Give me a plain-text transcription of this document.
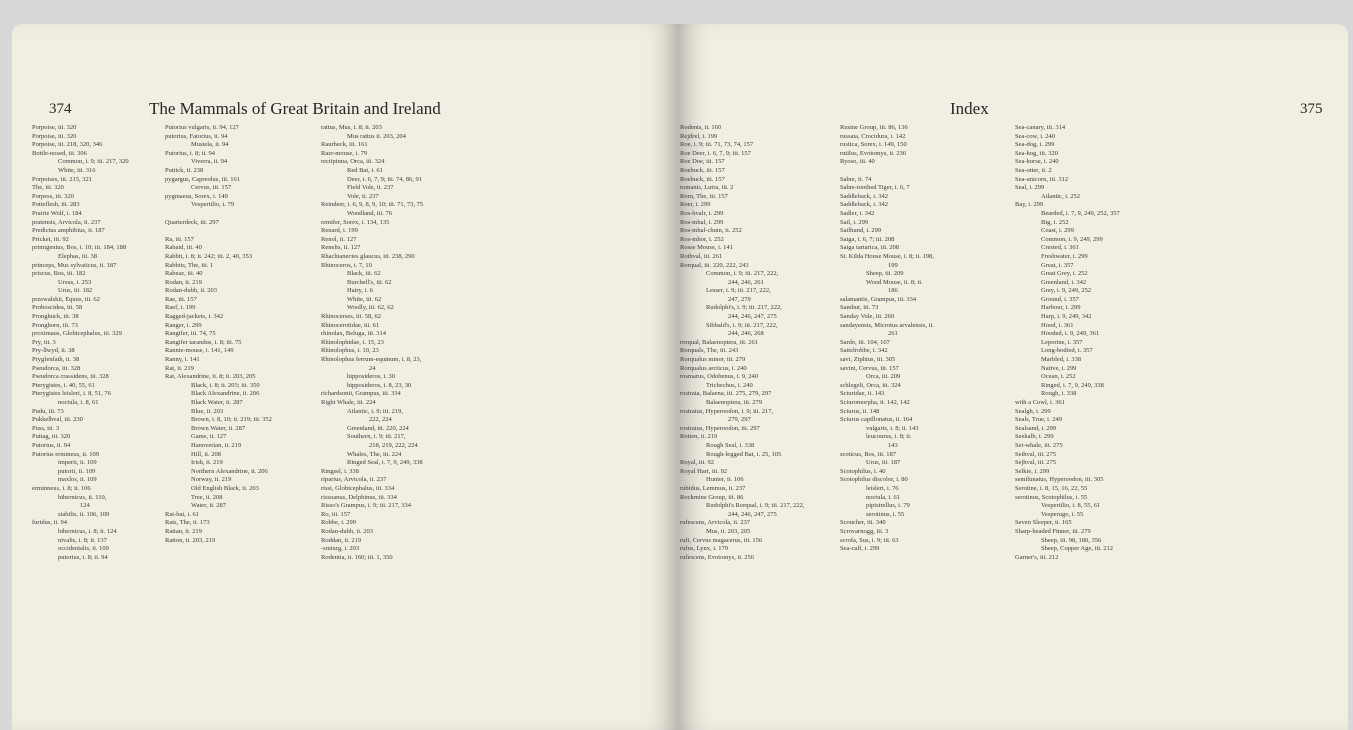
374	The Mammals of Great Britain and Ireland
Porpoise, iii. 320
Porpoise, iii. 320
Porpoise, iii. 218, 320, 346
Bottle-nosed, iii. 306
Common, i. 9; iii. 217, 320
White, iii. 316
Porpoises, iii. 215, 321
The, iii. 320
Porpess, iii. 320
Potteflesh, iii. 283
Prairie Wolf, i. 184
pratensis, Arvicola, ii. 237
Predictus amphibius, ii. 187
Pricket, iii. 92
primigenius, Bos, i. 10; iii. 184, 188
Elephas, iii. 38
princeps, Mus sylvaticus, ii. 187
priscus, Bos, iii. 182
Ursus, i. 253
Urus, iii. 182
przewalskii, Equus, iii. 62
Proboscidea, iii. 58
Pronghuck, iii. 38
Pronghorn, iii. 73
proximaus, Globicephalus, iii. 329
Pry, iii. 3
Pry-llwyd, ii. 38
Prygfenfath, ii. 38
Pseudorca, iii. 328
Pseudorca crassidens, iii. 328
Pterygistes, i. 40, 55, 61
Pterygistes leisleri, i. 8, 51, 76
noctula, i. 8, 61
Pudu, iii. 73
Pukkelhval, iii. 230
Puss, iii. 3
Puttag, iii. 320
Putorius, ii. 94
Putorius ermineus, ii. 109
imperii, ii. 109
putorii, ii. 109
maxlos, ii. 109
erminneus, i. 8; ii. 106
hibernicus, ii. 110,
124
stabilis, ii. 106, 109
furidus, ii. 94
hibernicus, i. 8; ii. 124
nivalis, i. 8; ii. 137
occidentalis, ii. 109
putorius, i. 8; ii. 94
Putorius vulgaris, ii. 94, 127
putorius, Fatorius, ii. 94
Mustela, ii. 94
Putorius, i. 8; ii. 94
Viverra, ii. 94
Puttick, ii. 238
pygargus, Capreolus, iii. 161
Cervus, iii. 157
pygmaeus, Sorex, i. 149
Vespertilio, i. 79

Quarterdeck, iii. 297

Ra, iii. 157
Rabaid, iii. 40
Rabbit, i. 8; ii. 242; iii. 2, 40, 353
Rabbits, The, iii. 1
Rabeaz, iii. 40
Rodan, ii. 219
Rodan-dubh, ii. 203
Rae, iii. 157
Raef, i. 199
Ragged-jackets, i. 342
Ranger, i. 299
Rangifer, iii. 74, 75
Rangifer tarandus, i. 8; iii. 75
Rannie-mouse, i. 141, 149
Ranny, i. 141
Rat, ii. 219
Rat, Alexandrine, ii. 8; ii. 203, 205
Black, i. 8; ii. 203; iii. 350
Black Alexandrine, ii. 206
Black Water, ii. 287
Blue, ii. 203
Brown, i. 8, 10; ii. 219; iii. 352
Brown Water, ii. 287
Game, ii. 127
Hanoverian, ii. 219
Hill, ii. 208
Irish, ii. 219
Northern Alexandrine, ii. 206
Norway, ii. 219
Old English Black, ii. 203
Tree, ii. 208
Water, ii. 287
Rat-bat, i. 61
Rats, The, ii. 173
Rattan, ii. 219
Ratton, ii. 203, 219
rattus, Mus, i. 8; ii. 203
Mus rattus ii. 203, 204
Raurheck, iii. 161
Razr-mouse, i. 79
rectipinna, Orca, iii. 324
Red Bat, i. 61
Deer, i. 6, 7, 9; iii. 74, 86, 91
Field Vole, ii. 237
Vole, ii. 237
Reindeer, i. 6, 9, 8, 9, 10; iii. 71, 73, 75
Woodland, iii. 76
remifer, Sorex, i. 134, 135
Renard, i. 199
Renol, ii. 127
Renelis, ii. 127
Rhachianectes glaucus, iii. 238, 290
Rhinoceros, i. 7, 10
Black, iii. 62
Burchell's, iii. 62
Hairy, i. 6
White, iii. 62
Woolly, iii. 62, 62
Rhinocerses, iii. 58, 62
Rhinocerotidae, iii. 61
rhinolax, Beluga, iii. 314
Rhinolophidae, i. 15, 23
Rhinolophus, i. 10, 23
Rhinolophus ferrum-equinum, i. 8, 23,
24
hipposideros, i. 30
hipposideros, i. 8, 23, 30
richardsonii, Grampus, iii. 334
Right Whale, iii. 224
Atlantic, i. 9; iii. 219,
222, 224
Greenland, iii. 220, 224
Southern, i. 9; iii. 217,
218, 219, 222, 224
Whales, The, iii. 224
Ringed Seal, i. 7, 9, 249, 338
Ringsel, i. 338
riparius, Arvicola, ii. 237
rissi, Globicephalus, iii. 334
rissoanus, Delphinus, iii. 334
Risso's Grampus, i. 9; iii. 217, 334
Ro, iii. 157
Robbe, i. 299
Rodan-dubh, ii. 203
Roddan, ii. 219
-smiurg, i. 203
Rodentia, ii. 160; iii. 1, 350
Index	375
Rodents, ii. 160
Rejdrel, i. 199
Roe, i. 9; iii. 71, 73, 74, 157
Roe Deer, i. 6, 7, 9; iii. 157
Roe Doe, iii. 157
Roebuck, iii. 157
Roebuck, iii. 157
romanis, Lutra, iii. 2
Rorn, The, iii. 157
Roer, i. 299
Ros-hvalr, i. 299
Ros-mhal, i. 299
Ros-mhal-chuin, ii. 252
Ros-mhor, i. 252
Rosse Mouse, i. 141
Rothval, iii. 261
Rorqual, iii. 220, 222, 243
Common, i. 9; iii. 217, 222,
244, 246, 261
Lesser, i. 9; iii. 217, 222,
247, 279
Rudolphi's, i. 9; iii. 217, 222,
244, 246, 247, 275
Sibbald's, i. 9; iii. 217, 222,
244, 246, 268
rorqual, Balaenoptera, iii. 261
Rorquals, The, iii. 243
Rorqualus minor, iii. 279
Rorqualus arcticus, i. 240
rosmarus, Odobenus, i. 9, 240
Trichechus, i. 240
rostrata, Balaena, iii. 275, 279, 297
Balaenoptera, iii. 279
rostratus, Hyperoodon, i. 9; iii. 217,
279, 297
rostratus, Hyperoodon, iii. 297
Rotten, ii. 219
Rough Seal, i. 338
Rough-legged Bat, i. 25, 105
Royal, iii. 92
Royal Hart, iii. 92
Hunter, ii. 106
rubidus, Lemmus, ii. 237
Rockmine Group, iii. 86
Rudolphi's Rorqual, i. 9; iii. 217, 222,
244, 246, 247, 275
rufescens, Arvicola, ii. 237
Mus, ii. 203, 205
rufi, Cervus magacerus, iii. 156
rufus, Lynx, i. 179
rufescens, Evotomys, ii. 256
Rusine Group, iii. 86, 136
russata, Crocidura, i. 142
rustica, Sorex, i. 149, 150
rutilus, Evotomys, ii. 236
Ryoso, iii. 40

Sabre, ii. 74
Sabre-toothed Tiger, i. 6, 7
Saddleback, i. 342
Saddleback, i. 342
Sadler, i. 342
Sail, i. 299
Sailhund, i. 299
Saiga, i. 6, 7; iii. 208
Saiga tartarica, iii. 208
St. Kilda House Mouse, i. 8; ii. 198,
199
Sheep, iii. 209
Wood Mouse, ii. 8; ii.
186
salamantis, Grampus, iii. 334
Sambur, iii. 73
Sanday Vole, iii. 260
sandayensis, Microtus arvalensis, ii.
261
Sardo, iii. 104, 107
Sattelrobbe, i. 342
savi, Ziphius, iii. 305
savini, Cervus, iii. 157
Orca, iii. 209
schlegeli, Orca, iii. 324
Sciuridae, ii. 143
Sciuromorpha, ii. 142, 142
Sciurus, ii. 148
Sciurus capillonatus, ii. 164
vulgaris, i. 8; ii. 143
leucourus, i. 8; ii.
143
scoticus, Bos, iii. 187
Urus, iii. 187
Scotophilus, i. 40
Scotophilus discolor, i. 80
leisleri, i. 76
noctula, i. 61
pipistrellus, i. 79
serotinus, i. 55
Scoucher, iii. 340
Scrovarnogg, iii. 3
scrofa, Sus, i. 9; iii. 63
Sea-calf, i. 299
Sea-canary, iii. 314
Sea-cow, i. 240
Sea-dog, i. 299
Sea-hog, iii. 320
Sea-horse, i. 240
Sea-otter, ii. 2
Sea-unicorn, iii. 312
Seal, i. 299
Atlantic, i. 252
Bay, i. 299
Bearded, i. 7, 9, 249, 252, 357
Big, i. 252
Coast, i. 299
Common, i. 9, 249, 299
Crested, i. 361
Freshwater, i. 299
Great, i. 357
Great Grey, i. 252
Greenland, i. 342
Grey, i. 9, 249, 252
Ground, i. 357
Harbour, i. 299
Harp, i. 9, 249, 342
Hood, i. 361
Hooded, i. 9, 249, 361
Leporine, i. 357
Long-bodied, i. 357
Marbled, i. 338
Native, i. 299
Ocean, i. 252
Ringed, i. 7, 9, 249, 338
Rough, i. 338
with a Cowl, i. 361
Sealgh, i. 299
Seals, True, i. 249
Sealsand, i. 299
Seekalb, i. 299
Sei-whale, iii. 275
Seihval, iii. 275
Sejhval, iii. 275
Selkie, i. 299
semilunatus, Hyperoodon, iii. 305
Serotine, i. 8, 15, 16, 22, 55
serotinus, Scotophilus, i. 55
Vespertilio, i. 8, 55, 61
Vesperugo, i. 55
Seven Sleeper, ii. 165
Sharp-headed Finner, iii. 279
Sheep, iii. 98, 180, 356
Sheep, Copper Age, iii. 212
Garner's, iii. 212
